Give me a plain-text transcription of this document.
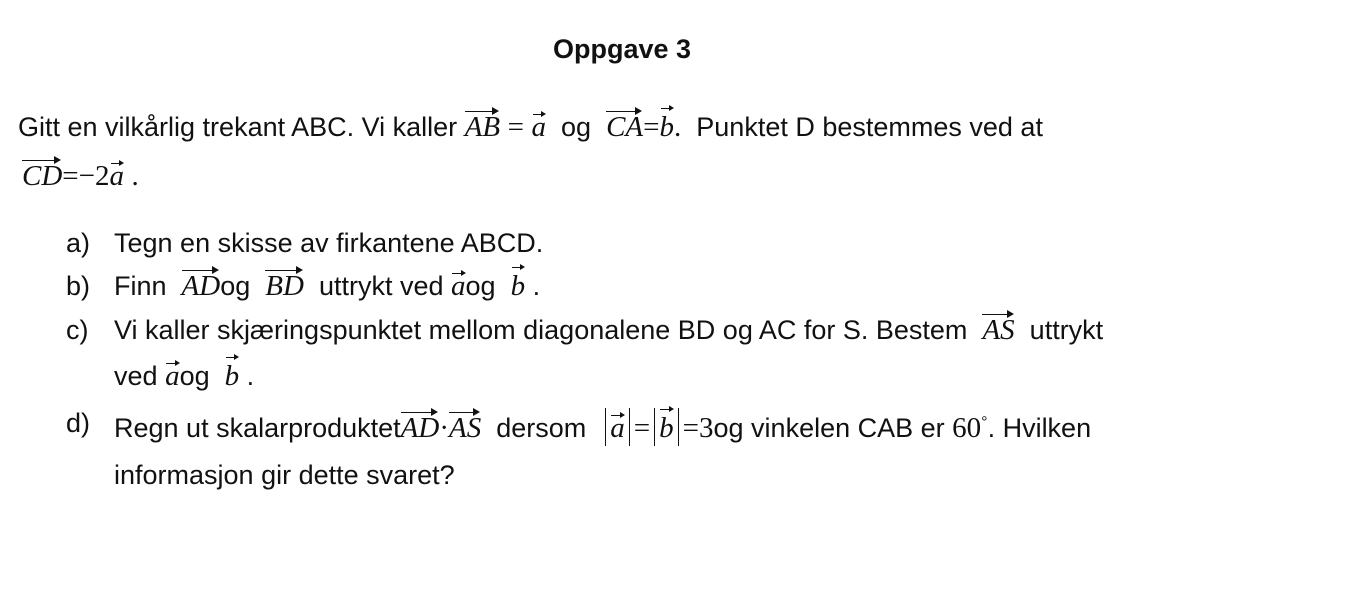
Oppgave 3
Gitt en vilkårlig trekant ABC. Vi kaller AB = a og CA=b. Punktet D bestemmes ved at
CD=−2a .
a) Tegn en skisse av firkantene ABCD.
b) Finn ADog BD uttrykt ved aog b .
c) Vi kaller skjæringspunktet mellom diagonalene BD og AC for S. Bestem AS uttrykt
ved aog b .
d) Regn ut skalarproduktetAD·AS dersom a = b =3og vinkelen CAB er 60°. Hvilken
informasjon gir dette svaret?
